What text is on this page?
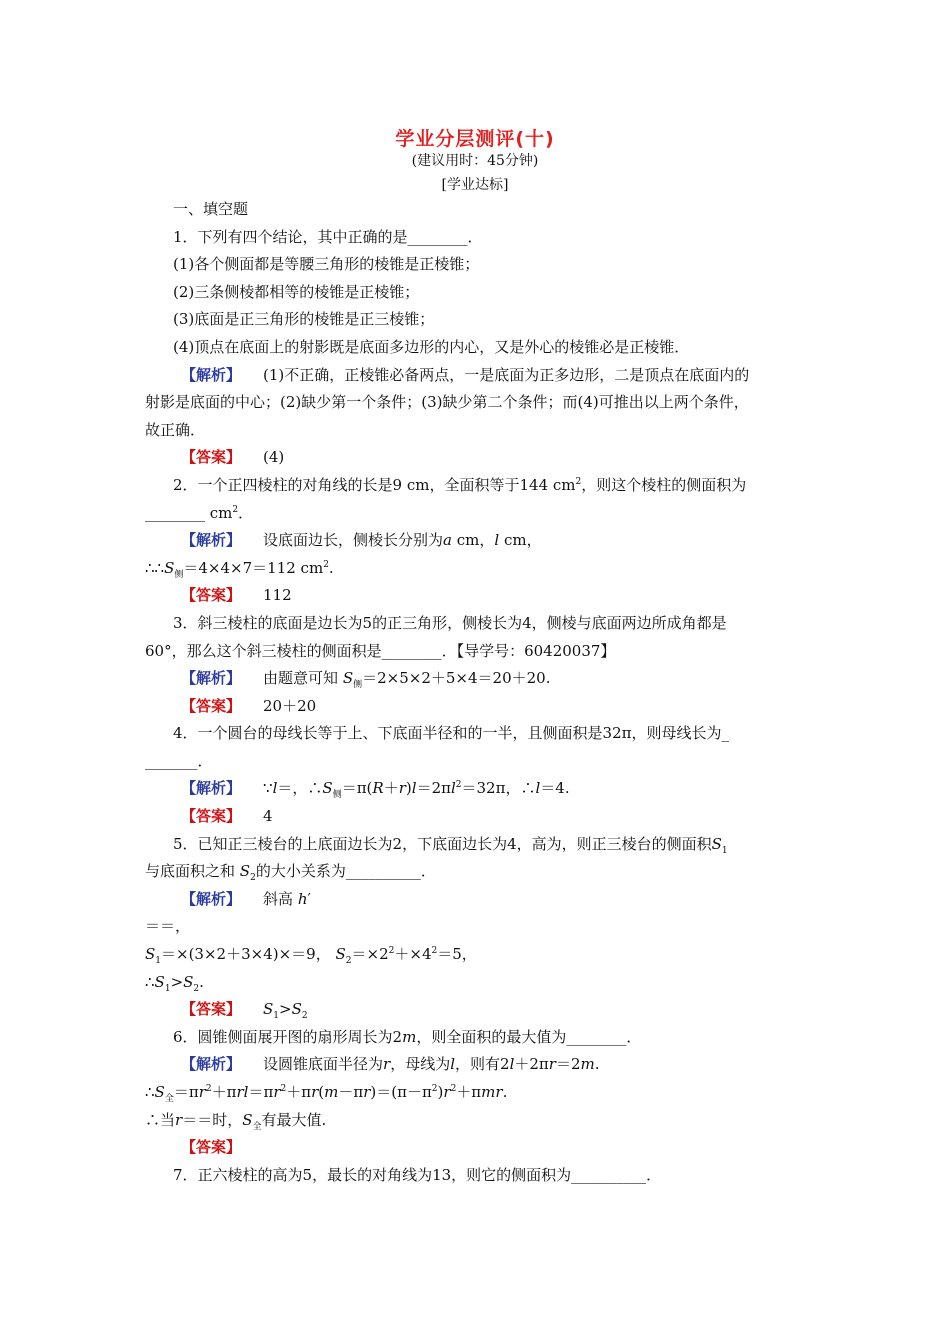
学业分层测评(十)
(建议用时：45分钟)
[学业达标]
一、填空题
1．下列有四个结论，其中正确的是________．
(1)各个侧面都是等腰三角形的棱锥是正棱锥；
(2)三条侧棱都相等的棱锥是正棱锥；
(3)底面是正三角形的棱锥是正三棱锥；
(4)顶点在底面上的射影既是底面多边形的内心，又是外心的棱锥必是正棱锥．
【解析】 (1)不正确，正棱锥必备两点，一是底面为正多边形，二是顶点在底面内的
射影是底面的中心；(2)缺少第一个条件；(3)缺少第二个条件；而(4)可推出以上两个条件，
故正确．
【答案】 (4)
2．一个正四棱柱的对角线的长是9 cm，全面积等于144 $cm^2$，则这个棱柱的侧面积为
________ $cm^2$．
【解析】 设底面边长，侧棱长分别为a cm，l cm，
$\therefore\therefore S_侧=4\times 4\times 7=112$ $cm^2$.
【答案】 112
3．斜三棱柱的底面是边长为5的正三角形，侧棱长为4，侧棱与底面两边所成角都是
60°，那么这个斜三棱柱的侧面积是________．【导学号：60420037】
【解析】 由题意可知 $S_侧=2\times 5\times 2+5\times 4=20+20$.
【答案】 20＋20
4．一个圆台的母线长等于上、下底面半径和的一半，且侧面积是32π，则母线长为_
_______．
【解析】 ∵l＝，$\therefore S_侧=\pi(R+r)l=2\pi l^2=32\pi$，∴l＝4.
【答案】 4
5．已知正三棱台的上底面边长为2，下底面边长为4，高为，则正三棱台的侧面积$S_1$
与底面积之和 $S_2$的大小关系为__________．
【解析】 斜高 h′
＝＝，
$S_1=\times(3\times 2+3\times 4)\times=9$， $S_2=\times 2^2+\times 4^2=5$，
$\therefore S_1>S_2$.
【答案】 $S_1>S_2$
6．圆锥侧面展开图的扇形周长为2m，则全面积的最大值为________．
【解析】 设圆锥底面半径为r，母线为l，则有2l＋2πr＝2m.
$\therefore S_全=\pi r^2+\pi rl=\pi r^2+\pi r(m-\pi r)=(\pi-\pi^2)r^2+\pi mr$.
∴当r＝＝时，$S_全$有最大值.
【答案】
7．正六棱柱的高为5，最长的对角线为13，则它的侧面积为__________．
